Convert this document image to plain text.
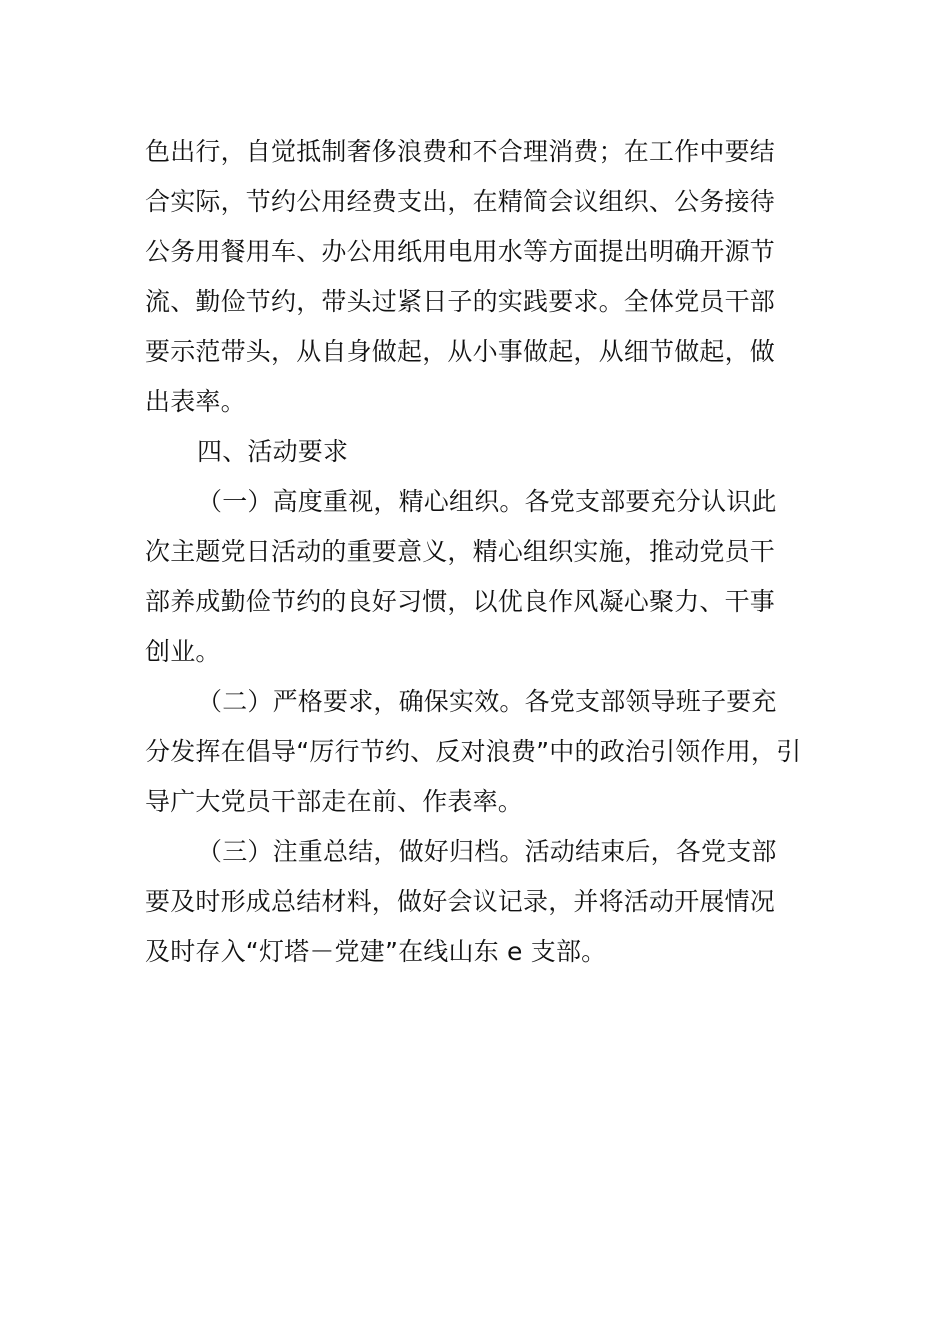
色出行，自觉抵制奢侈浪费和不合理消费；在工作中要结
合实际，节约公用经费支出，在精简会议组织、公务接待
公务用餐用车、办公用纸用电用水等方面提出明确开源节
流、勤俭节约，带头过紧日子的实践要求。全体党员干部
要示范带头，从自身做起，从小事做起，从细节做起，做
出表率。
四、活动要求
（一）高度重视，精心组织。各党支部要充分认识此
次主题党日活动的重要意义，精心组织实施，推动党员干
部养成勤俭节约的良好习惯，以优良作风凝心聚力、干事
创业。
（二）严格要求，确保实效。各党支部领导班子要充
分发挥在倡导“厉行节约、反对浪费”中的政治引领作用，引
导广大党员干部走在前、作表率。
（三）注重总结，做好归档。活动结束后，各党支部
要及时形成总结材料，做好会议记录，并将活动开展情况
及时存入“灯塔－党建”在线山东 e 支部。
